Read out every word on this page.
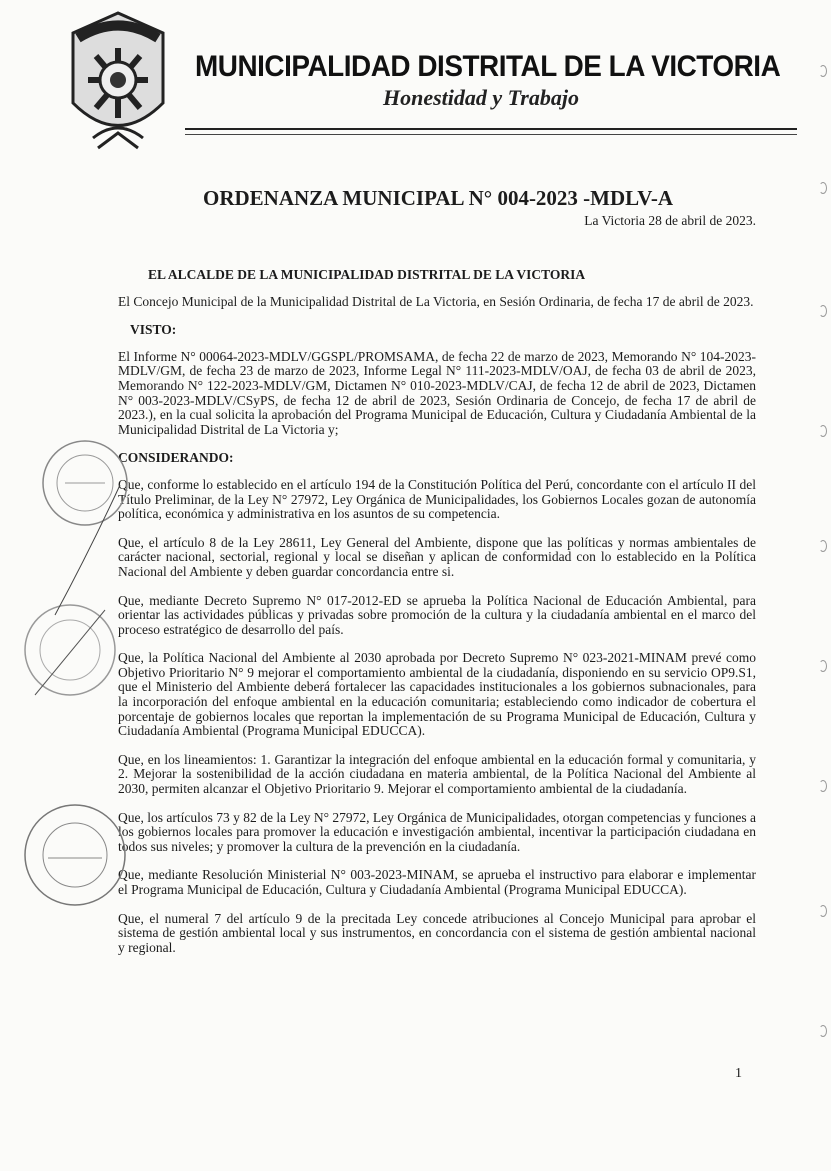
MUNICIPALIDAD DISTRITAL DE LA VICTORIA
Honestidad y Trabajo
ORDENANZA MUNICIPAL N° 004-2023 -MDLV-A
La Victoria 28 de abril de 2023.

EL ALCALDE DE LA MUNICIPALIDAD DISTRITAL DE LA VICTORIA

El Concejo Municipal de la Municipalidad Distrital de La Victoria, en Sesión Ordinaria, de fecha 17 de abril de 2023.

VISTO:

El Informe N° 00064-2023-MDLV/GGSPL/PROMSAMA, de fecha 22 de marzo de 2023, Memorando N° 104-2023-MDLV/GM, de fecha 23 de marzo de 2023, Informe Legal N° 111-2023-MDLV/OAJ, de fecha 03 de abril de 2023, Memorando N° 122-2023-MDLV/GM, Dictamen N° 010-2023-MDLV/CAJ, de fecha 12 de abril de 2023, Dictamen N° 003-2023-MDLV/CSyPS, de fecha 12 de abril de 2023, Sesión Ordinaria de Concejo, de fecha 17 de abril de 2023.), en la cual solicita la aprobación del Programa Municipal de Educación, Cultura y Ciudadanía Ambiental de la Municipalidad Distrital de La Victoria y;

CONSIDERANDO:

Que, conforme lo establecido en el artículo 194 de la Constitución Política del Perú, concordante con el artículo II del Título Preliminar, de la Ley N° 27972, Ley Orgánica de Municipalidades, los Gobiernos Locales gozan de autonomía política, económica y administrativa en los asuntos de su competencia.

Que, el artículo 8 de la Ley 28611, Ley General del Ambiente, dispone que las políticas y normas ambientales de carácter nacional, sectorial, regional y local se diseñan y aplican de conformidad con lo establecido en la Política Nacional del Ambiente y deben guardar concordancia entre si.

Que, mediante Decreto Supremo N° 017-2012-ED se aprueba la Política Nacional de Educación Ambiental, para orientar las actividades públicas y privadas sobre promoción de la cultura y la ciudadanía ambiental en el marco del proceso estratégico de desarrollo del país.

Que, la Política Nacional del Ambiente al 2030 aprobada por Decreto Supremo N° 023-2021-MINAM prevé como Objetivo Prioritario N° 9 mejorar el comportamiento ambiental de la ciudadanía, disponiendo en su servicio OP9.S1, que el Ministerio del Ambiente deberá fortalecer las capacidades institucionales a los gobiernos subnacionales, para la incorporación del enfoque ambiental en la educación comunitaria; estableciendo como indicador de cobertura el porcentaje de gobiernos locales que reportan la implementación de su Programa Municipal de Educación, Cultura y Ciudadanía Ambiental (Programa Municipal EDUCCA).

Que, en los lineamientos: 1. Garantizar la integración del enfoque ambiental en la educación formal y comunitaria, y 2. Mejorar la sostenibilidad de la acción ciudadana en materia ambiental, de la Política Nacional del Ambiente al 2030, permiten alcanzar el Objetivo Prioritario 9. Mejorar el comportamiento ambiental de la ciudadanía.

Que, los artículos 73 y 82 de la Ley N° 27972, Ley Orgánica de Municipalidades, otorgan competencias y funciones a los gobiernos locales para promover la educación e investigación ambiental, incentivar la participación ciudadana en todos sus niveles; y promover la cultura de la prevención en la ciudadanía.

Que, mediante Resolución Ministerial N° 003-2023-MINAM, se aprueba el instructivo para elaborar e implementar el Programa Municipal de Educación, Cultura y Ciudadanía Ambiental (Programa Municipal EDUCCA).

Que, el numeral 7 del artículo 9 de la precitada Ley concede atribuciones al Concejo Municipal para aprobar el sistema de gestión ambiental local y sus instrumentos, en concordancia con el sistema de gestión ambiental nacional y regional.

1
